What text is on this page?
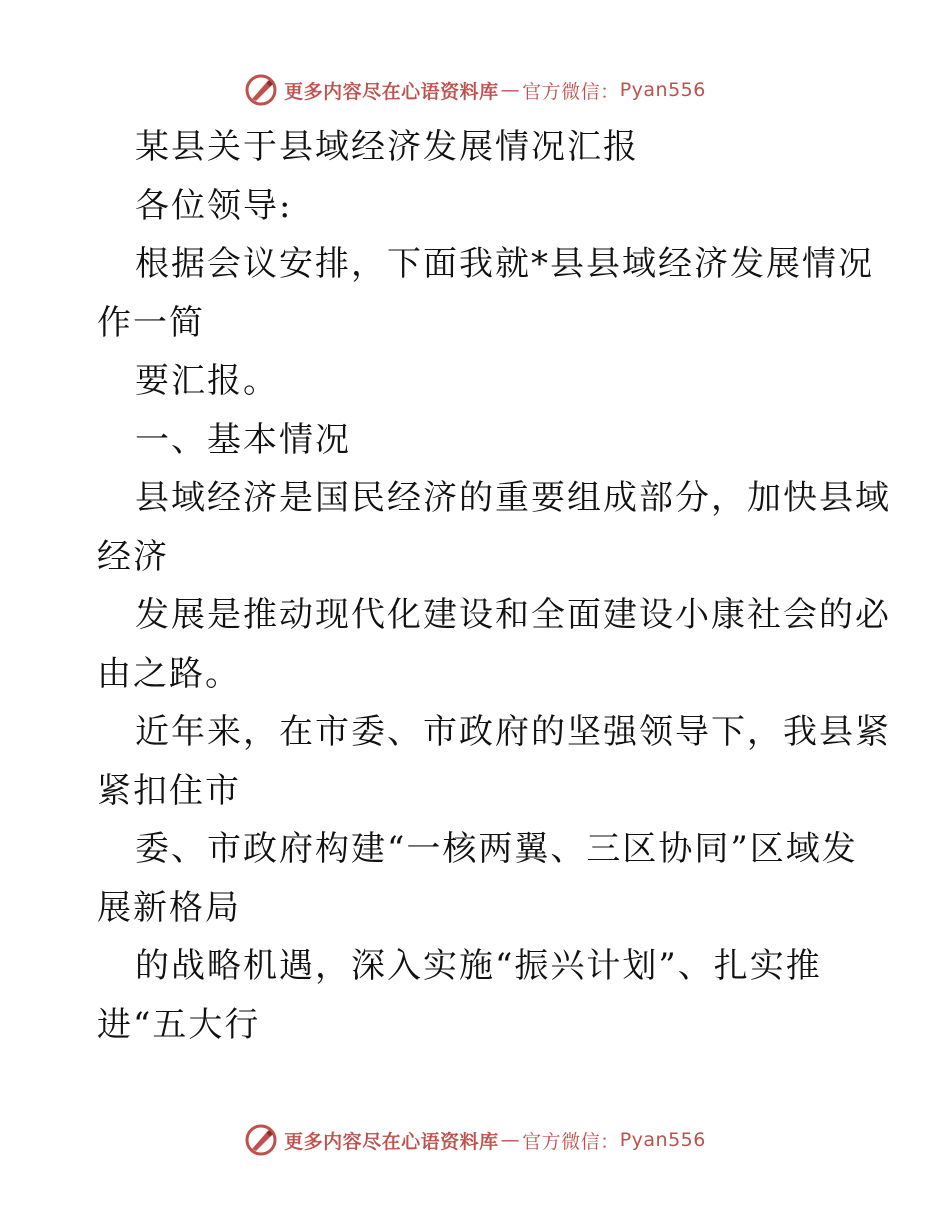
更多内容尽在心语资料库 — 官方微信： Pyan556
某县关于县域经济发展情况汇报
各位领导:
根据会议安排，下面我就*县县域经济发展情况
作一简
要汇报。
一、基本情况
县域经济是国民经济的重要组成部分，加快县域
经济
发展是推动现代化建设和全面建设小康社会的必
由之路。
近年来，在市委、市政府的坚强领导下，我县紧
紧扣住市
委、市政府构建“一核两翼、三区协同”区域发
展新格局
的战略机遇，深入实施“振兴计划”、扎实推
进“五大行
更多内容尽在心语资料库 — 官方微信： Pyan556
